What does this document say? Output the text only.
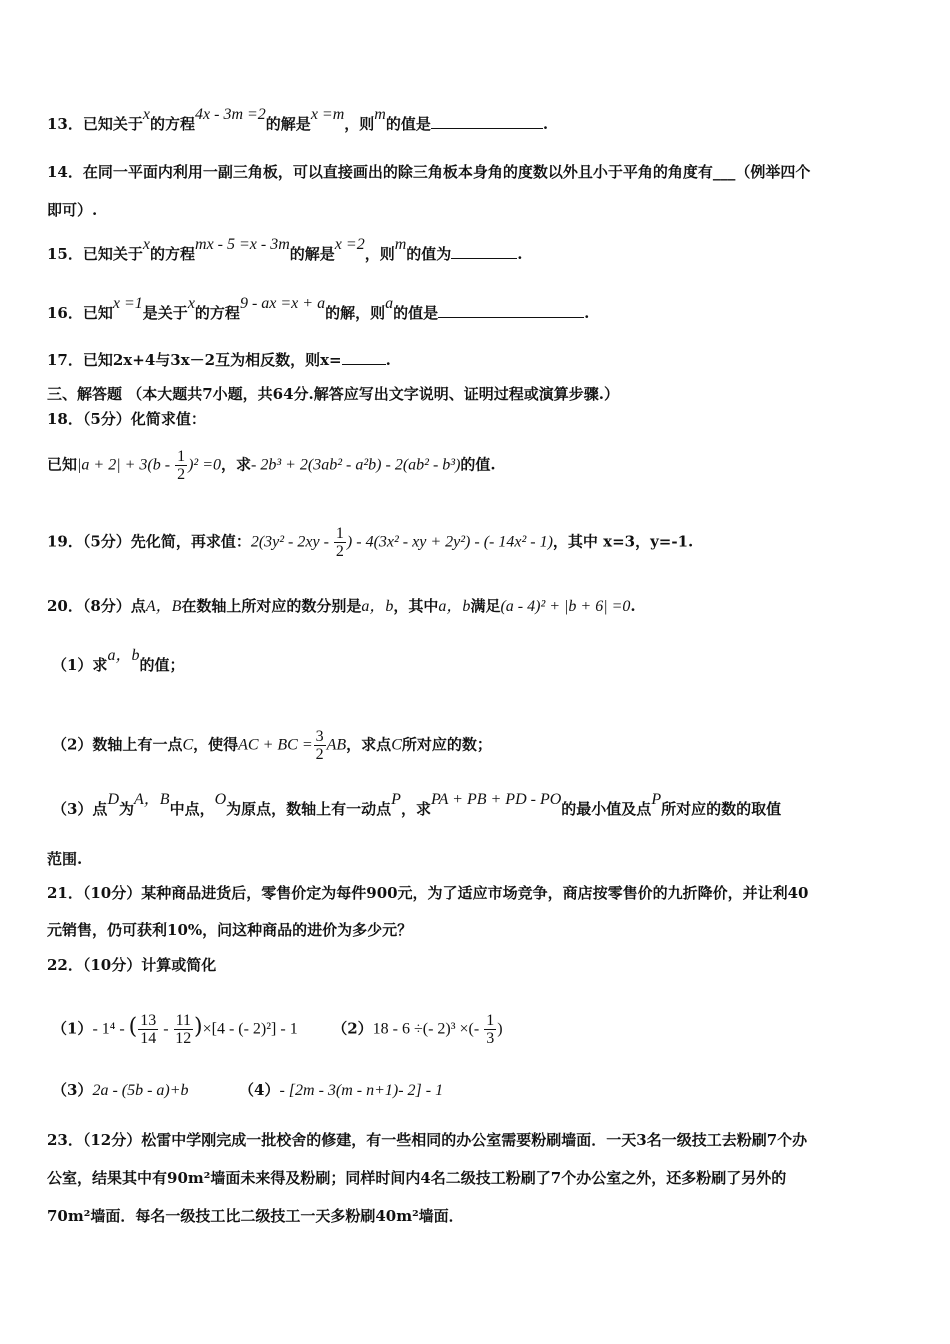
13．已知关于x的方程4x - 3m =2的解是x =m，则m的值是	.
14．在同一平面内利用一副三角板，可以直接画出的除三角板本身角的度数以外且小于平角的角度有___（例举四个
即可）.
15．已知关于x的方程mx - 5 =x - 3m的解是x =2，则m的值为	.
16．已知x =1是关于x的方程9 - ax =x + a的解，则a的值是	.
17．已知2x+4与3x－2互为相反数，则x=	.
三、解答题 （本大题共7小题，共64分.解答应写出文字说明、证明过程或演算步骤.）
18．（5分）化简求值：
已知$|a + 2| + 3(b - \frac{1}{2} )^2 =0$，求- 2b³ + 2(3ab² - a²b) - 2(ab² - b³)的值.
19．（5分）先化简，再求值：$2(3y^2 - 2xy - \frac{1}{2}$ ) - 4(3x² - xy + 2y²) - (- 14x² - 1)，其中 x=3，y=-1.
20．（8分）点A，B在数轴上所对应的数分别是a，b，其中a，b满足(a - 4)² + |b + 6| =0.
（1）求a，b的值；
（2）数轴上有一点C，使得AC + BC = $\frac{3}{2}$ AB，求点C所对应的数；
（3）点D为A，B中点，O为原点，数轴上有一动点P，求PA + PB + PD - PO的最小值及点P所对应的数的取值
范围.
21．（10分）某种商品进货后，零售价定为每件900元，为了适应市场竞争，商店按零售价的九折降价，并让利40
元销售，仍可获利10%，问这种商品的进价为多少元？
22．（10分）计算或简化
（1）- 1⁴ - ( $\frac{13}{14} - \frac{11}{12} )\times[4$ - (- 2)²] - 1 （2）18 - 6 ÷(- 2)³ ×(- $\frac{1}{3}$ )
（3）2a - (5b - a)+b	（4）- [2m - 3(m - n+1)- 2] - 1
23．（12分）松雷中学刚完成一批校舍的修建，有一些相同的办公室需要粉刷墙面．一天3名一级技工去粉刷7个办
公室，结果其中有90m²墙面未来得及粉刷；同样时间内4名二级技工粉刷了7个办公室之外，还多粉刷了另外的
70m²墙面．每名一级技工比二级技工一天多粉刷40m²墙面．
